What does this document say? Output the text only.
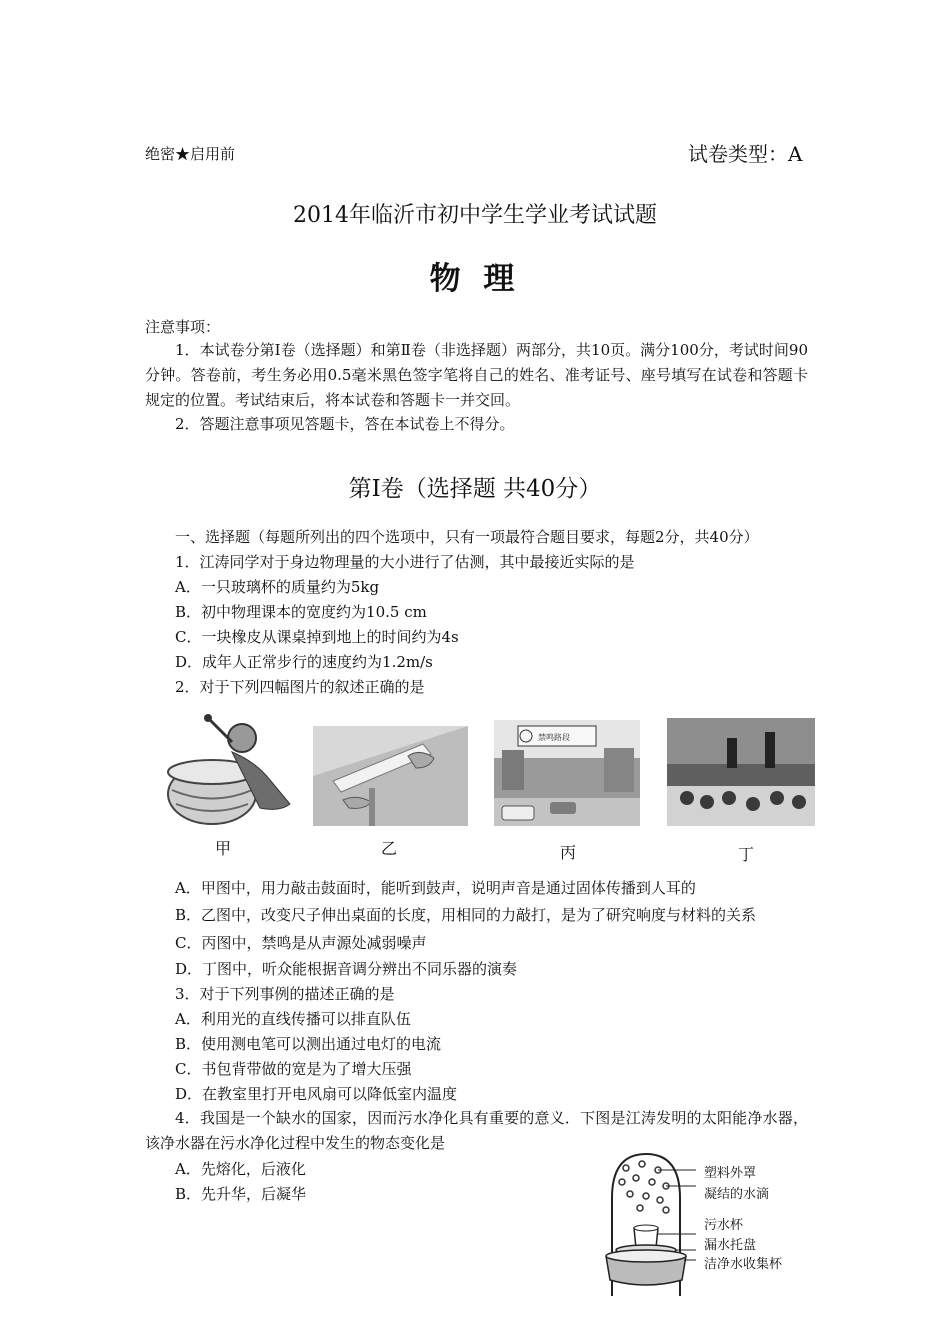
绝密★启用前	试卷类型：A
2014年临沂市初中学生学业考试试题
物 理
注意事项：
1．本试卷分第Ⅰ卷（选择题）和第Ⅱ卷（非选择题）两部分，共10页。满分100分，考试时间90分钟。答卷前，考生务必用0.5毫米黑色签字笔将自己的姓名、准考证号、座号填写在试卷和答题卡规定的位置。考试结束后，将本试卷和答题卡一并交回。
2．答题注意事项见答题卡，答在本试卷上不得分。
第Ⅰ卷（选择题 共40分）
一、选择题（每题所列出的四个选项中，只有一项最符合题目要求，每题2分，共40分）
1．江涛同学对于身边物理量的大小进行了估测，其中最接近实际的是
A．一只玻璃杯的质量约为5kg
B．初中物理课本的宽度约为10.5 cm
C．一块橡皮从课桌掉到地上的时间约为4s
D．成年人正常步行的速度约为1.2m/s
2．对于下列四幅图片的叙述正确的是
甲	乙
禁鸣路段
丙	丁
A．甲图中，用力敲击鼓面时，能听到鼓声，说明声音是通过固体传播到人耳的
B．乙图中，改变尺子伸出桌面的长度，用相同的力敲打，是为了研究响度与材料的关系
C．丙图中，禁鸣是从声源处减弱噪声
D．丁图中，听众能根据音调分辨出不同乐器的演奏
3．对于下列事例的描述正确的是
A．利用光的直线传播可以排直队伍
B．使用测电笔可以测出通过电灯的电流
C．书包背带做的宽是为了增大压强
D．在教室里打开电风扇可以降低室内温度
4．我国是一个缺水的国家，因而污水净化具有重要的意义．下图是江涛发明的太阳能净水器，该净水器在污水净化过程中发生的物态变化是
A．先熔化，后液化
B．先升华，后凝华
塑料外罩
凝结的水滴
污水杯
漏水托盘
洁净水收集杯
